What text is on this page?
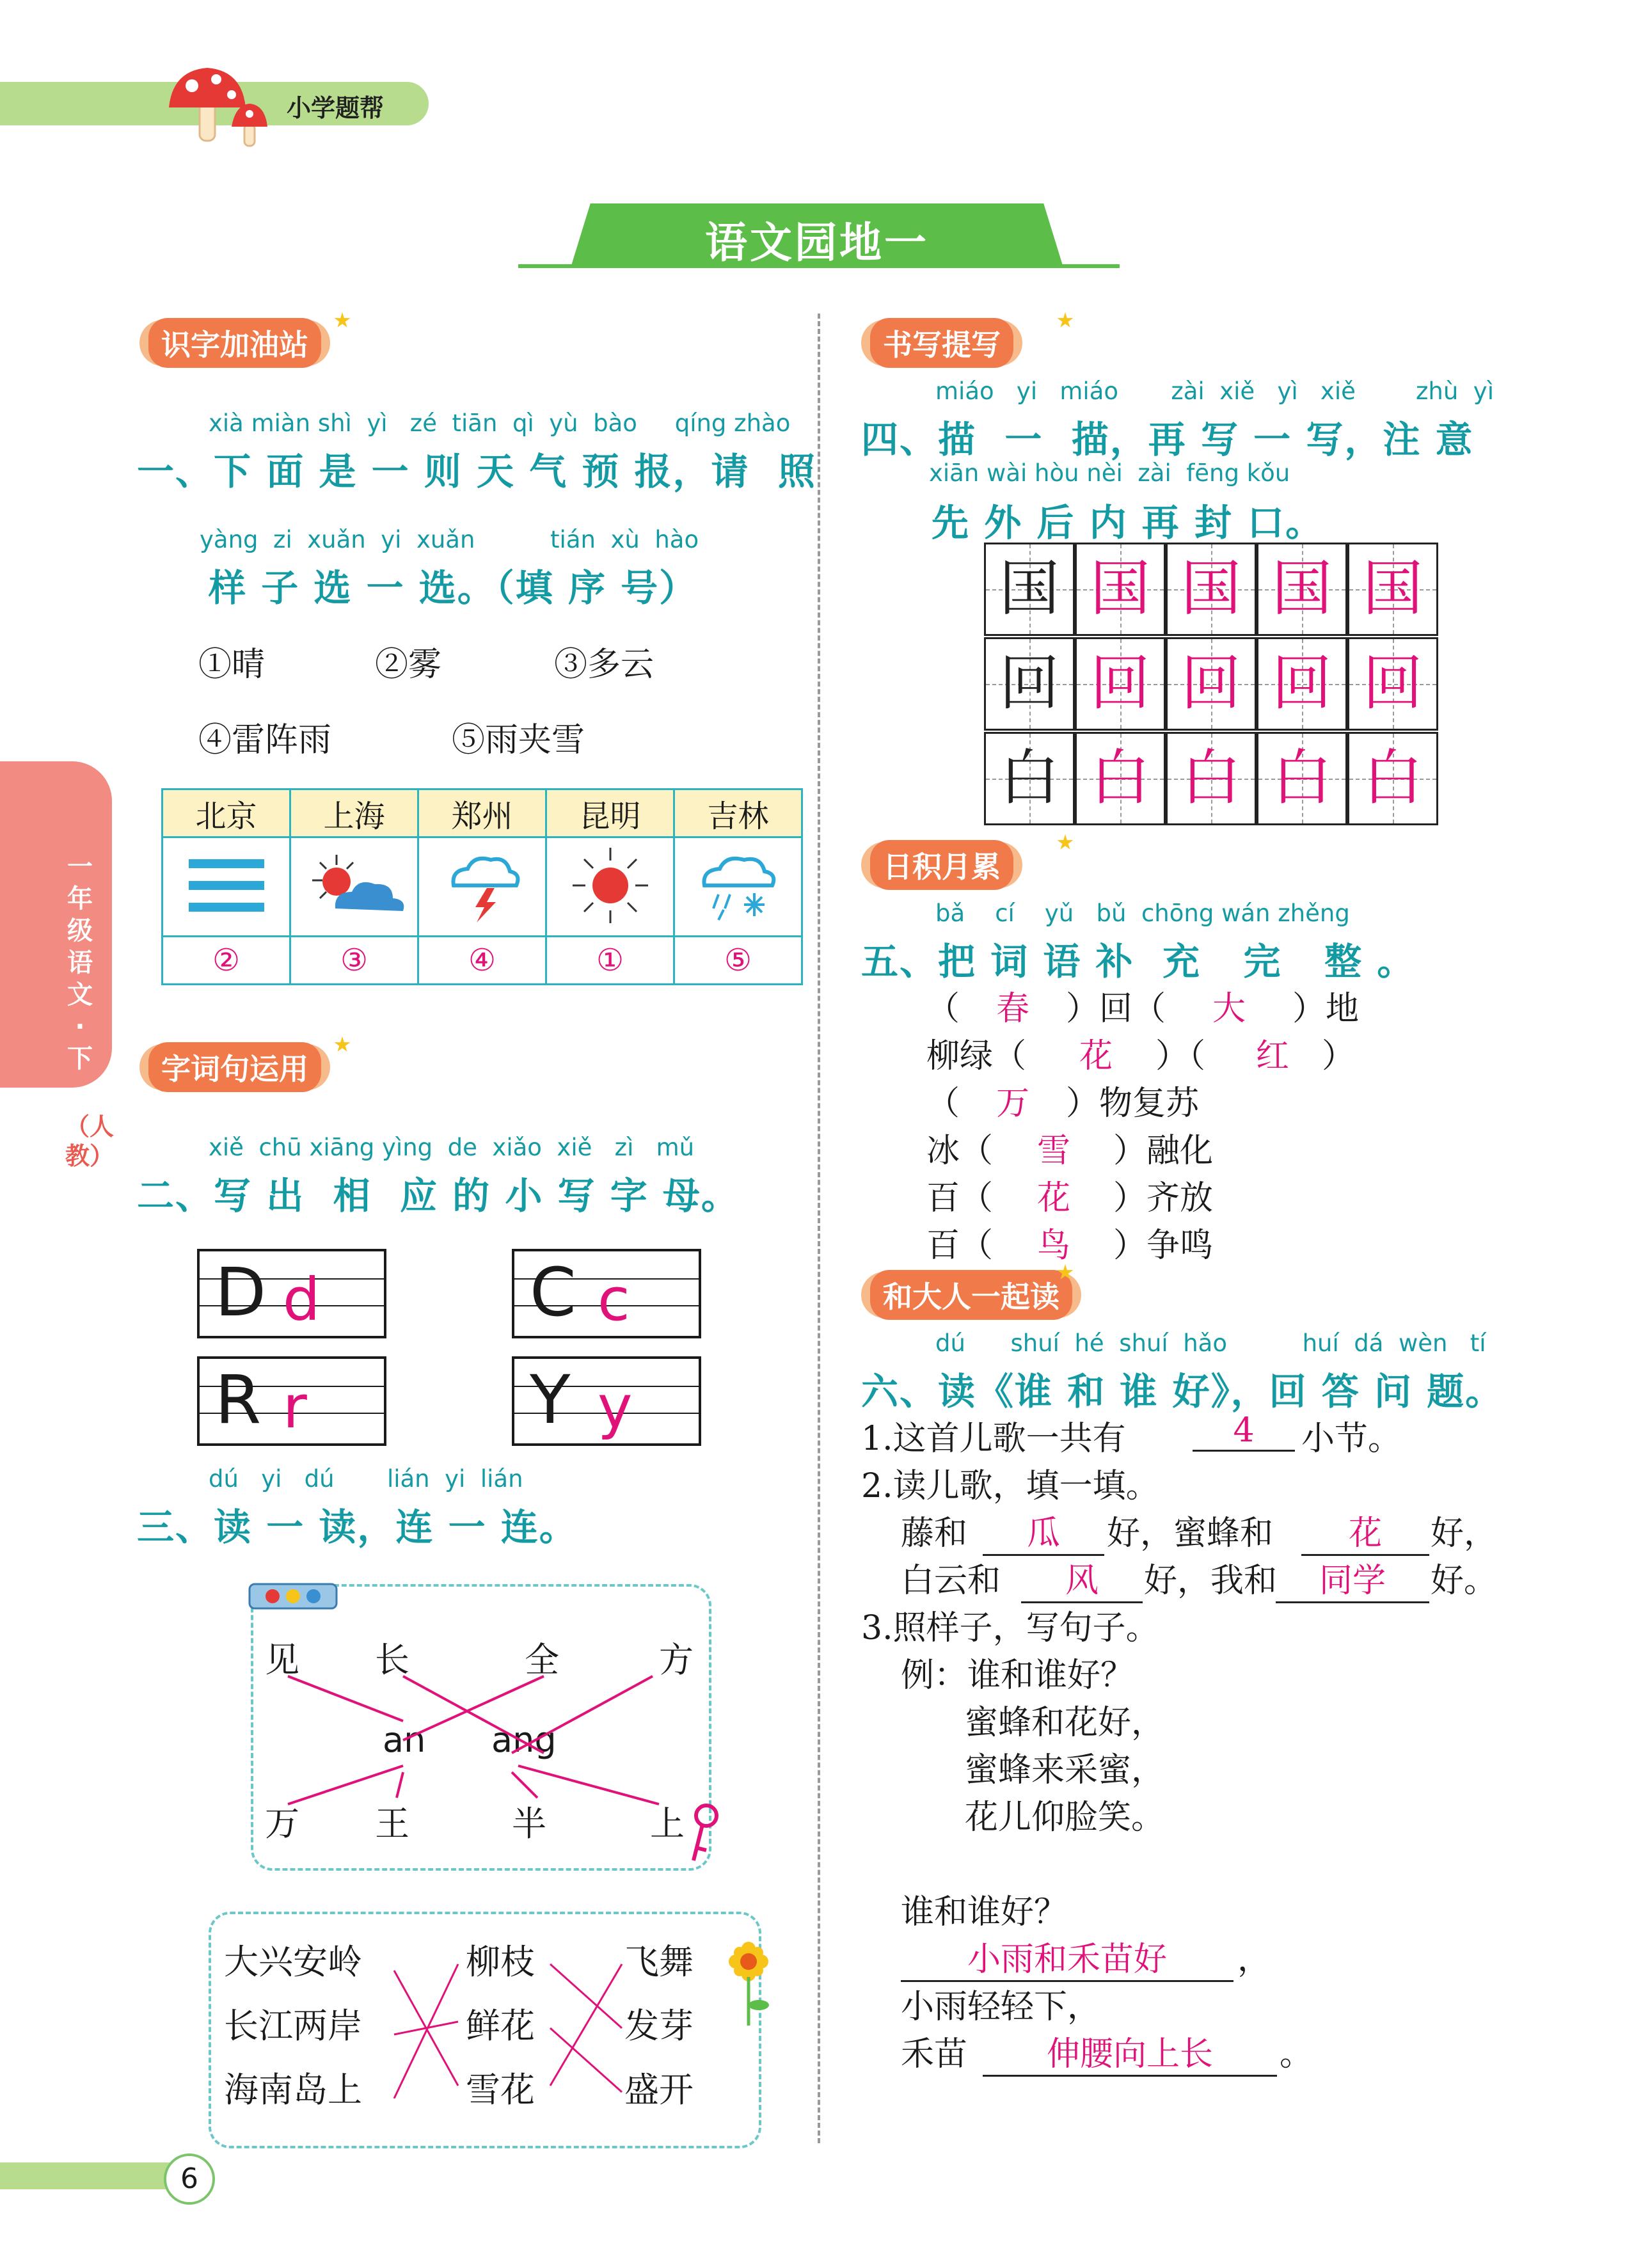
小学题帮
语文园地一
一年级语文·下
（人教）
识字加油站
xià miàn shì  yì   zé  tiān  qì  yù  bào     qíng zhào
一、下 面 是 一 则 天 气 预 报，请  照
yàng  zi  xuǎn  yi  xuǎn          tián  xù  hào
样 子 选 一 选。（填 序 号）
①晴	②雾	③多云
④雷阵雨	⑤雨夹雪
北京	上海	郑州	昆明	吉林

②	③	④	①	⑤
字词句运用
xiě  chū xiāng yìng  de  xiǎo  xiě   zì   mǔ
二、写 出  相  应 的 小 写 字 母。
D d	C c
R r	Y y
dú   yi   dú       lián  yi  lián
三、读 一 读，连 一 连。
见 长	全	方
an ang
万 王	半	上
大兴安岭
长江两岸
海南岛上
柳枝
鲜花
雪花
飞舞
发芽
盛开
书写提写
miáo   yi   miáo       zài  xiě   yì   xiě        zhù  yì
四、描  一  描，再 写 一 写，注 意
xiān wài hòu nèi  zài  fēng kǒu
先 外 后 内 再 封 口。
国 国 国 国 国
回 回 回 回 回
白 白 白 白 白
日积月累
bǎ    cí    yǔ   bǔ  chōng wán zhěng
五、把 词 语 补  充   完   整 。
（	春	）回（	大	）地
柳绿（	花	）（	红 ）
（	万	）物复苏
冰（	雪	）融化
百（	花	）齐放
百（	鸟	）争鸣
和大人一起读
dú      shuí  hé  shuí  hǎo          huí  dá  wèn   tí
六、读《谁 和 谁 好》，回 答 问 题。
1.这首儿歌一共有	4	小节。
2.读儿歌，填一填。
藤和	瓜	好，蜜蜂和	花	好，
白云和	风	好，我和	同学	好。
3.照样子，写句子。
例：谁和谁好？
蜜蜂和花好，
蜜蜂来采蜜，
花儿仰脸笑。
谁和谁好？
小雨和禾苗好	，
小雨轻轻下，
禾苗	伸腰向上长	。
6
